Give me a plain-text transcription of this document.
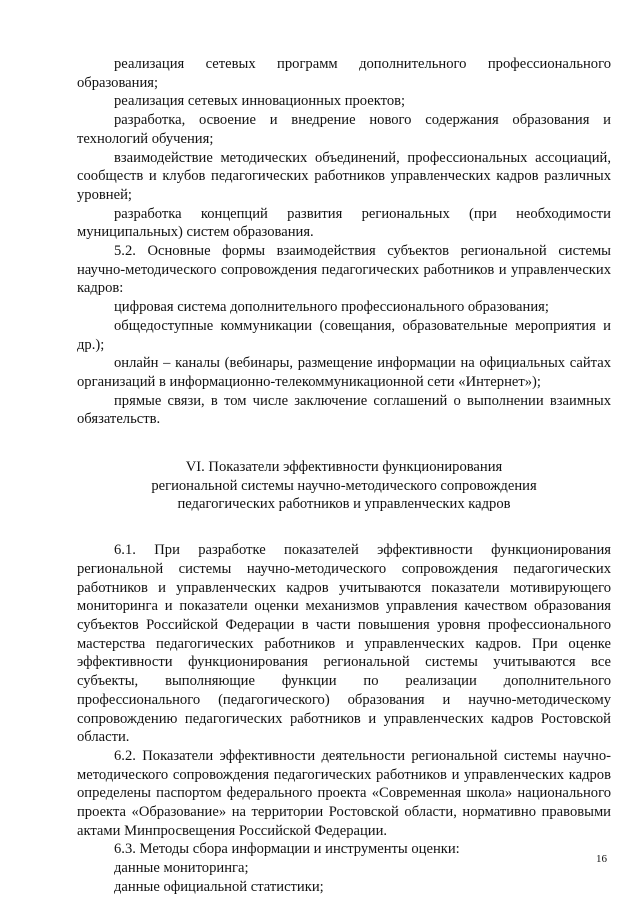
реализация сетевых программ дополнительного профессионального образования;

реализация сетевых инновационных проектов;

разработка, освоение и внедрение нового содержания образования и технологий обучения;

взаимодействие методических объединений, профессиональных ассоциаций, сообществ и клубов педагогических работников управленческих кадров различных уровней;

разработка концепций развития региональных (при необходимости муниципальных) систем образования.

5.2. Основные формы взаимодействия субъектов региональной системы научно-методического сопровождения педагогических работников и управленческих кадров:

цифровая система дополнительного профессионального образования;

общедоступные коммуникации (совещания, образовательные мероприятия и др.);

онлайн – каналы (вебинары, размещение информации на официальных сайтах организаций в информационно-телекоммуникационной сети «Интернет»);

прямые связи, в том числе заключение соглашений о выполнении взаимных обязательств.

VI. Показатели эффективности функционирования
региональной системы научно-методического сопровождения
педагогических работников и управленческих кадров

6.1. При разработке показателей эффективности функционирования региональной системы научно-методического сопровождения педагогических работников и управленческих кадров учитываются показатели мотивирующего мониторинга и показатели оценки механизмов управления качеством образования субъектов Российской Федерации в части повышения уровня профессионального мастерства педагогических работников и управленческих кадров. При оценке эффективности функционирования региональной системы учитываются все субъекты, выполняющие функции по реализации дополнительного профессионального (педагогического) образования и научно-методическому сопровождению педагогических работников и управленческих кадров Ростовской области.

6.2. Показатели эффективности деятельности региональной системы научно-методического сопровождения педагогических работников и управленческих кадров определены паспортом федерального проекта «Современная школа» национального проекта «Образование» на территории Ростовской области, нормативно правовыми актами Минпросвещения Российской Федерации.

6.3. Методы сбора информации и инструменты оценки:

данные мониторинга;

данные официальной статистики;

16
